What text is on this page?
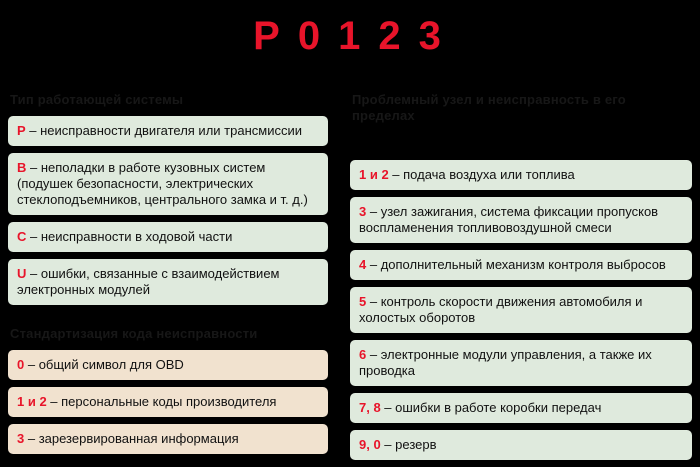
P 0 1 2 3
Тип работающей системы
P – неисправности двигателя или трансмиссии
B – неполадки в работе кузовных систем (подушек безопасности, электрических стеклоподъемников, центрального замка и т. д.)
C – неисправности в ходовой части
U – ошибки, связанные с взаимодействием электронных модулей
Стандартизация кода неисправности
0 – общий символ для OBD
1 и 2 – персональные коды производителя
3 – зарезервированная информация
Проблемный узел и неисправность в его пределах
1 и 2 – подача воздуха или топлива
3 – узел зажигания, система фиксации пропусков воспламенения топливовоздушной смеси
4 – дополнительный механизм контроля выбросов
5 – контроль скорости движения автомобиля и холостых оборотов
6 – электронные модули управления, а также их проводка
7, 8 – ошибки в работе коробки передач
9, 0 – резерв
